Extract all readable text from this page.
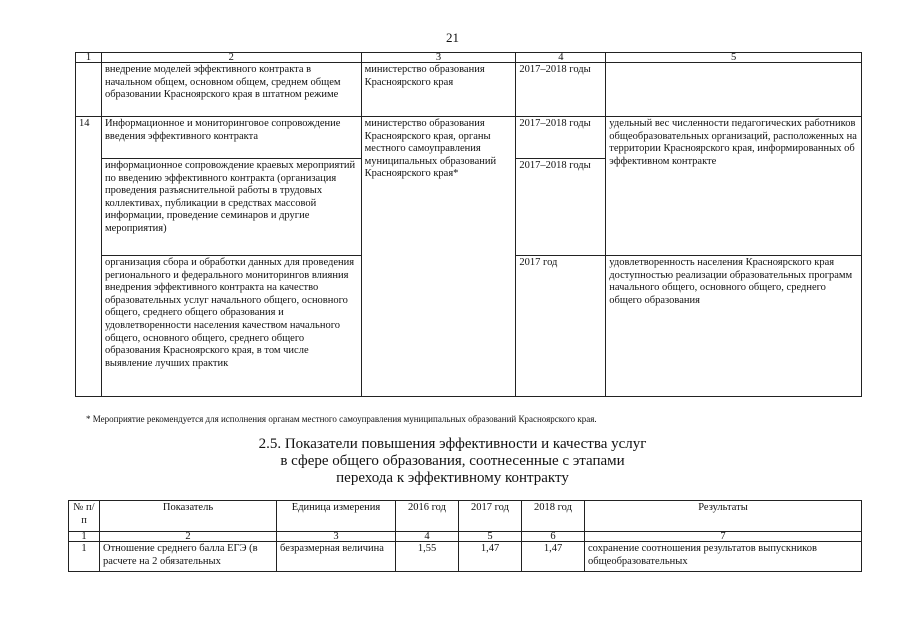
21
1	2	3	4	5
	внедрение моделей эффективного контракта в начальном общем, основном общем, среднем общем образовании Красноярского края в штатном режиме	министерство образования Красноярского края	2017–2018 годы	
14	Информационное и мониторинговое сопровождение введения эффективного контракта	министерство образования Красноярского края, органы местного самоуправления муниципальных образований Красноярского края*	2017–2018 годы	удельный вес численности педагогических работников общеобразовательных организаций, расположенных на территории Красноярского края, информированных об эффективном контракте
	информационное сопровождение краевых мероприятий по введению эффективного контракта (организация проведения разъяснительной работы в трудовых коллективах, публикации в средствах массовой информации, проведение семинаров и другие мероприятия)		2017–2018 годы	
	организация сбора и обработки данных для проведения регионального и федерального мониторингов влияния внедрения эффективного контракта на качество образовательных услуг начального общего, основного общего, среднего общего образования и удовлетворенности населения качеством начального общего, основного общего, среднего общего образования Красноярского края, в том числе выявление лучших практик		2017 год	удовлетворенность населения Красноярского края доступностью реализации образовательных программ начального общего, основного общего, среднего общего образования
* Мероприятие рекомендуется для исполнения органам местного самоуправления муниципальных образований Красноярского края.
2.5. Показатели повышения эффективности и качества услуг
в сфере общего образования, соотнесенные с этапами
перехода к эффективному контракту
№ п/п	Показатель	Единица измерения	2016 год	2017 год	2018 год	Результаты
1	2	3	4	5	6	7
1	Отношение среднего балла ЕГЭ (в расчете на 2 обязательных	безразмерная величина	1,55	1,47	1,47	сохранение соотношения результатов выпускников общеобразовательных
